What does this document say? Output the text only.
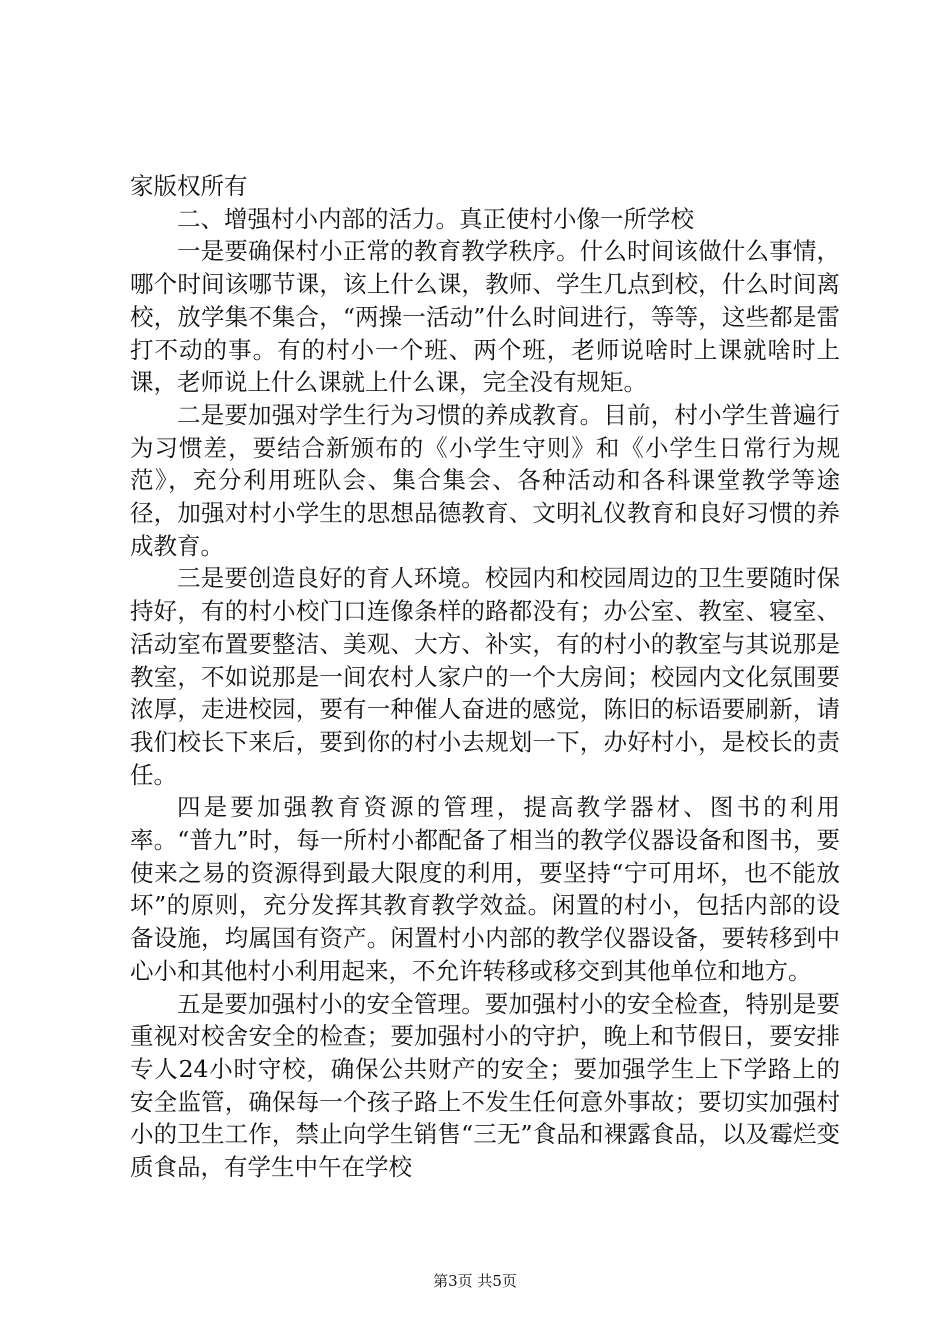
家版权所有

二、增强村小内部的活力。真正使村小像一所学校

一是要确保村小正常的教育教学秩序。什么时间该做什么事情，哪个时间该哪节课，该上什么课，教师、学生几点到校，什么时间离校，放学集不集合，“两操一活动”什么时间进行，等等，这些都是雷打不动的事。有的村小一个班、两个班，老师说啥时上课就啥时上课，老师说上什么课就上什么课，完全没有规矩。

二是要加强对学生行为习惯的养成教育。目前，村小学生普遍行为习惯差，要结合新颁布的《小学生守则》和《小学生日常行为规范》，充分利用班队会、集合集会、各种活动和各科课堂教学等途径，加强对村小学生的思想品德教育、文明礼仪教育和良好习惯的养成教育。

三是要创造良好的育人环境。校园内和校园周边的卫生要随时保持好，有的村小校门口连像条样的路都没有；办公室、教室、寝室、活动室布置要整洁、美观、大方、补实，有的村小的教室与其说那是教室，不如说那是一间农村人家户的一个大房间；校园内文化氛围要浓厚，走进校园，要有一种催人奋进的感觉，陈旧的标语要刷新，请我们校长下来后，要到你的村小去规划一下，办好村小，是校长的责任。

四是要加强教育资源的管理，提高教学器材、图书的利用率。“普九”时，每一所村小都配备了相当的教学仪器设备和图书，要使来之易的资源得到最大限度的利用，要坚持“宁可用坏，也不能放坏”的原则，充分发挥其教育教学效益。闲置的村小，包括内部的设备设施，均属国有资产。闲置村小内部的教学仪器设备，要转移到中心小和其他村小利用起来，不允许转移或移交到其他单位和地方。

五是要加强村小的安全管理。要加强村小的安全检查，特别是要重视对校舍安全的检查；要加强村小的守护，晚上和节假日，要安排专人24小时守校，确保公共财产的安全；要加强学生上下学路上的安全监管，确保每一个孩子路上不发生任何意外事故；要切实加强村小的卫生工作，禁止向学生销售“三无”食品和裸露食品，以及霉烂变质食品，有学生中午在学校

第3页 共5页
